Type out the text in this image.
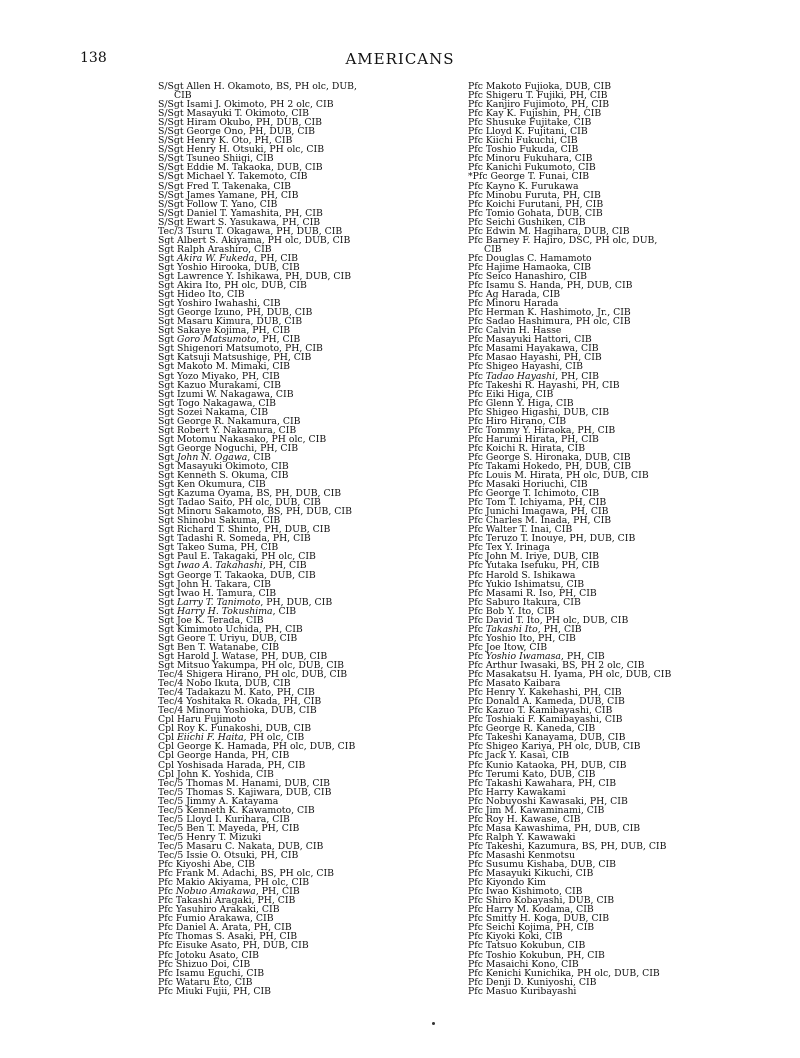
138	AMERICANS
S/Sgt Allen H. Okamoto, BS, PH olc, DUB,
CIB
S/Sgt Isami J. Okimoto, PH 2 olc, CIB
S/Sgt Masayuki T. Okimoto, CIB
S/Sgt Hiram Okubo, PH, DUB, CIB
S/Sgt George Ono, PH, DUB, CIB
S/Sgt Henry K. Oto, PH, CIB
S/Sgt Henry H. Otsuki, PH olc, CIB
S/Sgt Tsuneo Shiigi, CIB
S/Sgt Eddie M. Takaoka, DUB, CIB
S/Sgt Michael Y. Takemoto, CIB
S/Sgt Fred T. Takenaka, CIB
S/Sgt James Yamane, PH, CIB
S/Sgt Follow T. Yano, CIB
S/Sgt Daniel T. Yamashita, PH, CIB
S/Sgt Ewart S. Yasukawa, PH, CIB
Tec/3 Tsuru T. Okagawa, PH, DUB, CIB
Sgt Albert S. Akiyama, PH olc, DUB, CIB
Sgt Ralph Arashiro, CIB
Sgt Akira W. Fukeda, PH, CIB
Sgt Yoshio Hirooka, DUB, CIB
Sgt Lawrence Y. Ishikawa, PH, DUB, CIB
Sgt Akira Ito, PH olc, DUB, CIB
Sgt Hideo Ito, CIB
Sgt Yoshiro Iwahashi, CIB
Sgt George Izuno, PH, DUB, CIB
Sgt Masaru Kimura, DUB, CIB
Sgt Sakaye Kojima, PH, CIB
Sgt Goro Matsumoto, PH, CIB
Sgt Shigenori Matsumoto, PH, CIB
Sgt Katsuji Matsushige, PH, CIB
Sgt Makoto M. Mimaki, CIB
Sgt Yozo Miyako, PH, CIB
Sgt Kazuo Murakami, CIB
Sgt Izumi W. Nakagawa, CIB
Sgt Togo Nakagawa, CIB
Sgt Sozei Nakama, CIB
Sgt George R. Nakamura, CIB
Sgt Robert Y. Nakamura, CIB
Sgt Motomu Nakasako, PH olc, CIB
Sgt George Noguchi, PH, CIB
Sgt John N. Ogawa, CIB
Sgt Masayuki Okimoto, CIB
Sgt Kenneth S. Okuma, CIB
Sgt Ken Okumura, CIB
Sgt Kazuma Oyama, BS, PH, DUB, CIB
Sgt Tadao Saito, PH olc, DUB, CIB
Sgt Minoru Sakamoto, BS, PH, DUB, CIB
Sgt Shinobu Sakuma, CIB
Sgt Richard T. Shinto, PH, DUB, CIB
Sgt Tadashi R. Someda, PH, CIB
Sgt Takeo Suma, PH, CIB
Sgt Paul E. Takagaki, PH olc, CIB
Sgt Iwao A. Takahashi, PH, CIB
Sgt George T. Takaoka, DUB, CIB
Sgt John H. Takara, CIB
Sgt Iwao H. Tamura, CIB
Sgt Larry T. Tanimoto, PH, DUB, CIB
Sgt Harry H. Tokushima, CIB
Sgt Joe K. Terada, CIB
Sgt Kimimoto Uchida, PH, CIB
Sgt Geore T. Uriyu, DUB, CIB
Sgt Ben T. Watanabe, CIB
Sgt Harold J. Watase, PH, DUB, CIB
Sgt Mitsuo Yakumpa, PH olc, DUB, CIB
Tec/4 Shigera Hirano, PH olc, DUB, CIB
Tec/4 Nobo Ikuta, DUB, CIB
Tec/4 Tadakazu M. Kato, PH, CIB
Tec/4 Yoshitaka R. Okada, PH, CIB
Tec/4 Minoru Yoshioka, DUB, CIB
Cpl Haru Fujimoto
Cpl Roy K. Funakoshi, DUB, CIB
Cpl Eiichi F. Haita, PH olc, CIB
Cpl George K. Hamada, PH olc, DUB, CIB
Cpl George Handa, PH, CIB
Cpl Yoshisada Harada, PH, CIB
Cpl John K. Yoshida, CIB
Tec/5 Thomas M. Hanami, DUB, CIB
Tec/5 Thomas S. Kajiwara, DUB, CIB
Tec/5 Jimmy A. Katayama
Tec/5 Kenneth K. Kawamoto, CIB
Tec/5 Lloyd I. Kurihara, CIB
Tec/5 Ben T. Mayeda, PH, CIB
Tec/5 Henry T. Mizuki
Tec/5 Masaru C. Nakata, DUB, CIB
Tec/5 Issie O. Otsuki, PH, CIB
Pfc Kiyoshi Abe, CIB
Pfc Frank M. Adachi, BS, PH olc, CIB
Pfc Makio Akiyama, PH olc, CIB
Pfc Nobuo Amakawa, PH, CIB
Pfc Takashi Aragaki, PH, CIB
Pfc Yasuhiro Arakaki, CIB
Pfc Fumio Arakawa, CIB
Pfc Daniel A. Arata, PH, CIB
Pfc Thomas S. Asaki, PH, CIB
Pfc Eisuke Asato, PH, DUB, CIB
Pfc Jotoku Asato, CIB
Pfc Shizuo Doi, CIB
Pfc Isamu Eguchi, CIB
Pfc Wataru Eto, CIB
Pfc Miuki Fujii, PH, CIB
Pfc Makoto Fujioka, DUB, CIB
Pfc Shigeru T. Fujiki, PH, CIB
Pfc Kanjiro Fujimoto, PH, CIB
Pfc Kay K. Fujishin, PH, CIB
Pfc Shusuke Fujitake, CIB
Pfc Lloyd K. Fujitani, CIB
Pfc Kiichi Fukuchi, CIB
Pfc Toshio Fukuda, CIB
Pfc Minoru Fukuhara, CIB
Pfc Kanichi Fukumoto, CIB
*Pfc George T. Funai, CIB
Pfc Kayno K. Furukawa
Pfc Minobu Furuta, PH, CIB
Pfc Koichi Furutani, PH, CIB
Pfc Tomio Gohata, DUB, CIB
Pfc Seichi Gushiken, CIB
Pfc Edwin M. Hagihara, DUB, CIB
Pfc Barney F. Hajiro, DSC, PH olc, DUB,
CIB
Pfc Douglas C. Hamamoto
Pfc Hajime Hamaoka, CIB
Pfc Seico Hanashiro, CIB
Pfc Isamu S. Handa, PH, DUB, CIB
Pfc Ag Harada, CIB
Pfc Minoru Harada
Pfc Herman K. Hashimoto, Jr., CIB
Pfc Sadao Hashimura, PH olc, CIB
Pfc Calvin H. Hasse
Pfc Masayuki Hattori, CIB
Pfc Masami Hayakawa, CIB
Pfc Masao Hayashi, PH, CIB
Pfc Shigeo Hayashi, CIB
Pfc Tadao Hayashi, PH, CIB
Pfc Takeshi R. Hayashi, PH, CIB
Pfc Eiki Higa, CIB
Pfc Glenn Y. Higa, CIB
Pfc Shigeo Higashi, DUB, CIB
Pfc Hiro Hirano, CIB
Pfc Tommy Y. Hiraoka, PH, CIB
Pfc Harumi Hirata, PH, CIB
Pfc Koichi R. Hirata, CIB
Pfc George S. Hironaka, DUB, CIB
Pfc Takami Hokedo, PH, DUB, CIB
Pfc Louis M. Hirata, PH olc, DUB, CIB
Pfc Masaki Horiuchi, CIB
Pfc George T. Ichimoto, CIB
Pfc Tom T. Ichiyama, PH, CIB
Pfc Junichi Imagawa, PH, CIB
Pfc Charles M. Inada, PH, CIB
Pfc Walter T. Inai, CIB
Pfc Teruzo T. Inouye, PH, DUB, CIB
Pfc Tex Y. Irinaga
Pfc John M. Iriye, DUB, CIB
Pfc Yutaka Isefuku, PH, CIB
Pfc Harold S. Ishikawa
Pfc Yukio Ishimatsu, CIB
Pfc Masami R. Iso, PH, CIB
Pfc Saburo Itakura, CIB
Pfc Bob Y. Ito, CIB
Pfc David T. Ito, PH olc, DUB, CIB
Pfc Takashi Ito, PH, CIB
Pfc Yoshio Ito, PH, CIB
Pfc Joe Itow, CIB
Pfc Yoshio Iwamasa, PH, CIB
Pfc Arthur Iwasaki, BS, PH 2 olc, CIB
Pfc Masakatsu H. Iyama, PH olc, DUB, CIB
Pfc Masato Kaibara
Pfc Henry Y. Kakehashi, PH, CIB
Pfc Donald A. Kameda, DUB, CIB
Pfc Kazuo T. Kamibayashi, CIB
Pfc Toshiaki F. Kamibayashi, CIB
Pfc George R. Kaneda, CIB
Pfc Takeshi Kanayama, DUB, CIB
Pfc Shigeo Kariya, PH olc, DUB, CIB
Pfc Jack Y. Kasai, CIB
Pfc Kunio Kataoka, PH, DUB, CIB
Pfc Terumi Kato, DUB, CIB
Pfc Takashi Kawahara, PH, CIB
Pfc Harry Kawakami
Pfc Nobuyoshi Kawasaki, PH, CIB
Pfc Jim M. Kawaminami, CIB
Pfc Roy H. Kawase, CIB
Pfc Masa Kawashima, PH, DUB, CIB
Pfc Ralph Y. Kawawaki
Pfc Takeshi, Kazumura, BS, PH, DUB, CIB
Pfc Masashi Kenmotsu
Pfc Susumu Kishaba, DUB, CIB
Pfc Masayuki Kikuchi, CIB
Pfc Kiyondo Kim
Pfc Iwao Kishimoto, CIB
Pfc Shiro Kobayashi, DUB, CIB
Pfc Harry M. Kodama, CIB
Pfc Smitty H. Koga, DUB, CIB
Pfc Seichi Kojima, PH, CIB
Pfc Kiyoki Koki, CIB
Pfc Tatsuo Kokubun, CIB
Pfc Toshio Kokubun, PH, CIB
Pfc Masaichi Kono, CIB
Pfc Kenichi Kunichika, PH olc, DUB, CIB
Pfc Denji D. Kuniyoshi, CIB
Pfc Masuo Kuribayashi
